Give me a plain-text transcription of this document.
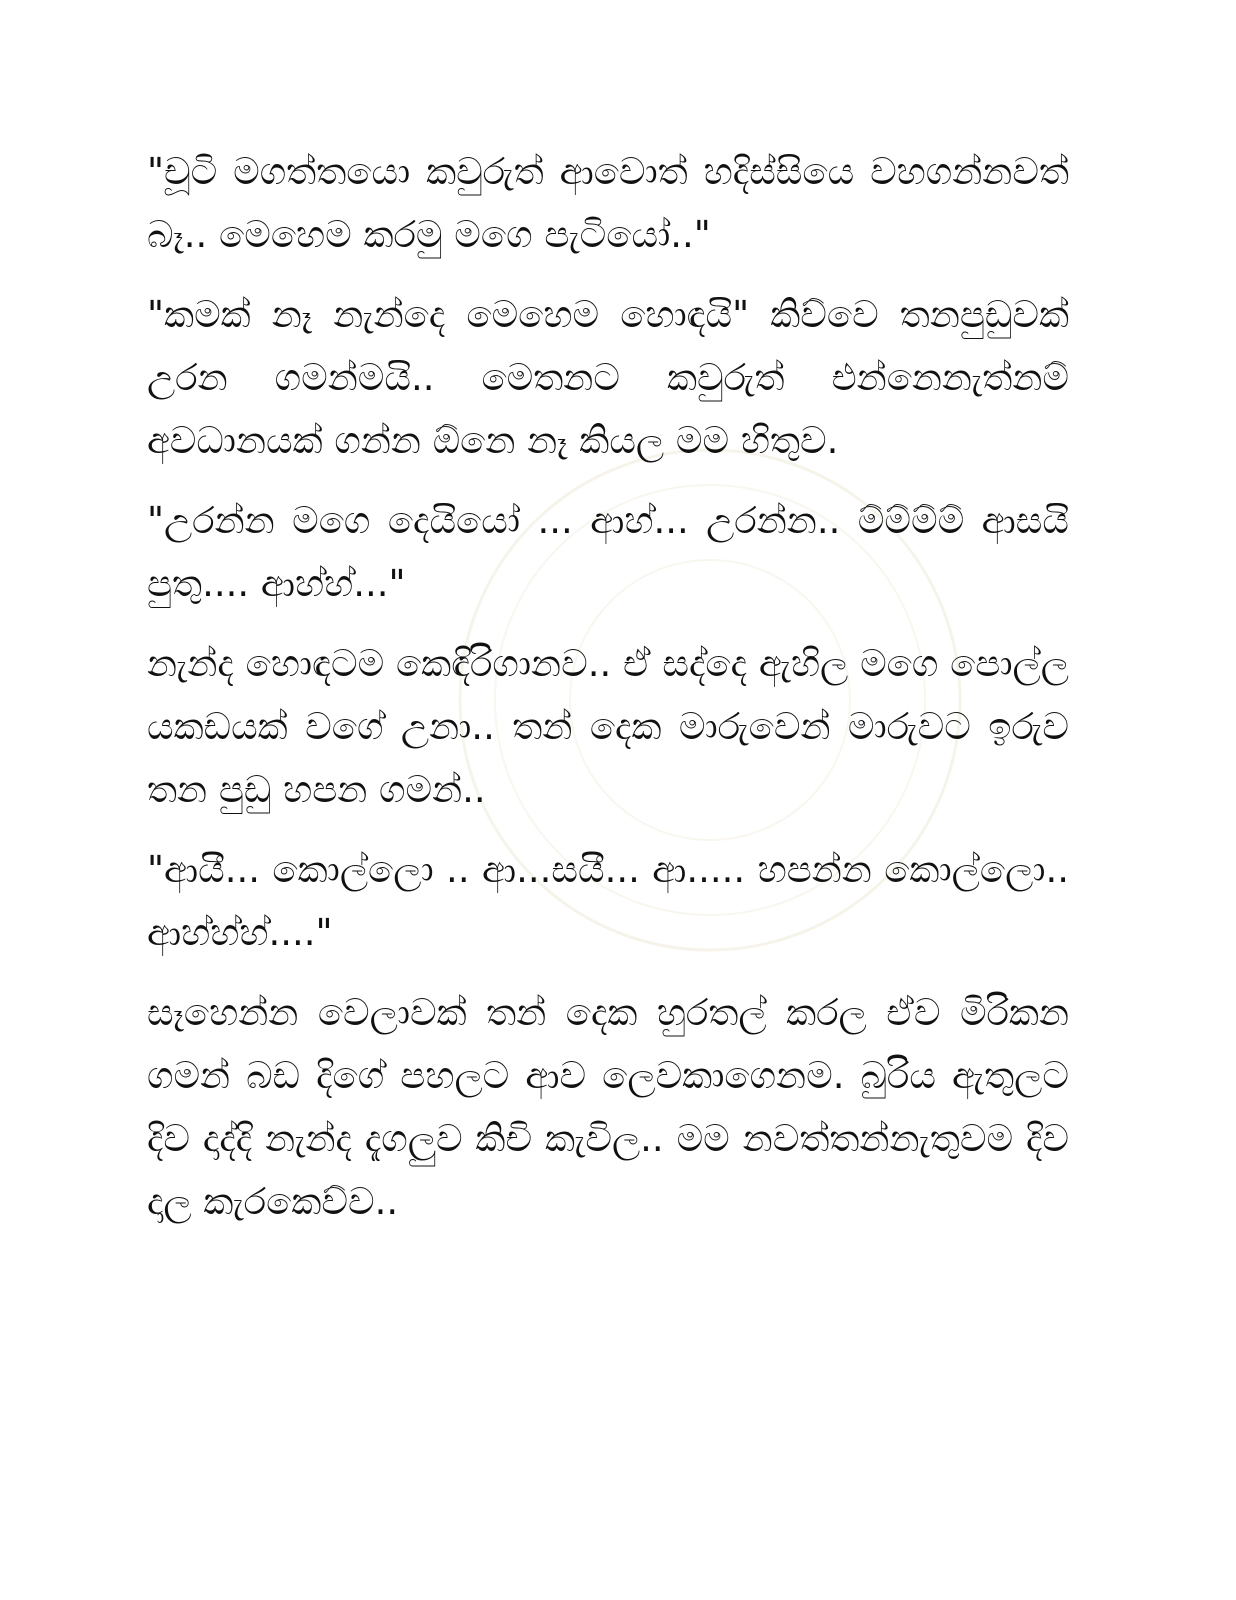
"චූටි මගත්තයො කවුරුත් ආවොත් හදිස්සියෙ වහගන්නවත් බෑ.. මෙහෙම කරමු මගෙ පැටියෝ.."

"කමක් නෑ නැන්දෙ මෙහෙම හොඳයි" කිව්වෙ තනපුඩුවක් උරන ගමන්මයි.. මෙතනට කවුරුත් එන්නෙනැත්නම් අවධානයක් ගන්න ඕනෙ නෑ කියල මම හිතුව.

"උරන්න මගෙ දෙයියෝ ... ආහ්... උරන්න.. ම්ම්ම්ම් ආසයි පුතු.... ආහ්හ්..."

නැන්ද හොඳටම කෙඳිරිගානව.. ඒ සද්දෙ ඇහිල මගෙ පොල්ල යකඩයක් වගේ උනා.. තන් දෙක මාරුවෙන් මාරුවට ඉරුව තන පුඩු හපන ගමන්..

"ආයී... කොල්ලො .. ආ...සයී... ආ..... හපන්න කොල්ලො.. ආහ්හ්හ්...."

සෑහෙන්න වෙලාවක් තන් දෙක හුරතල් කරල ඒව මිරිකන ගමන් බඩ දිගේ පහලට ආව ලෙවකාගෙනම. බුරිය ඇතුලට දිව දාද්දි නැන්ද දැගලුව කිචි කැවිල.. මම නවත්තන්නැතුවම දිව දාල කැරකෙව්ව..
